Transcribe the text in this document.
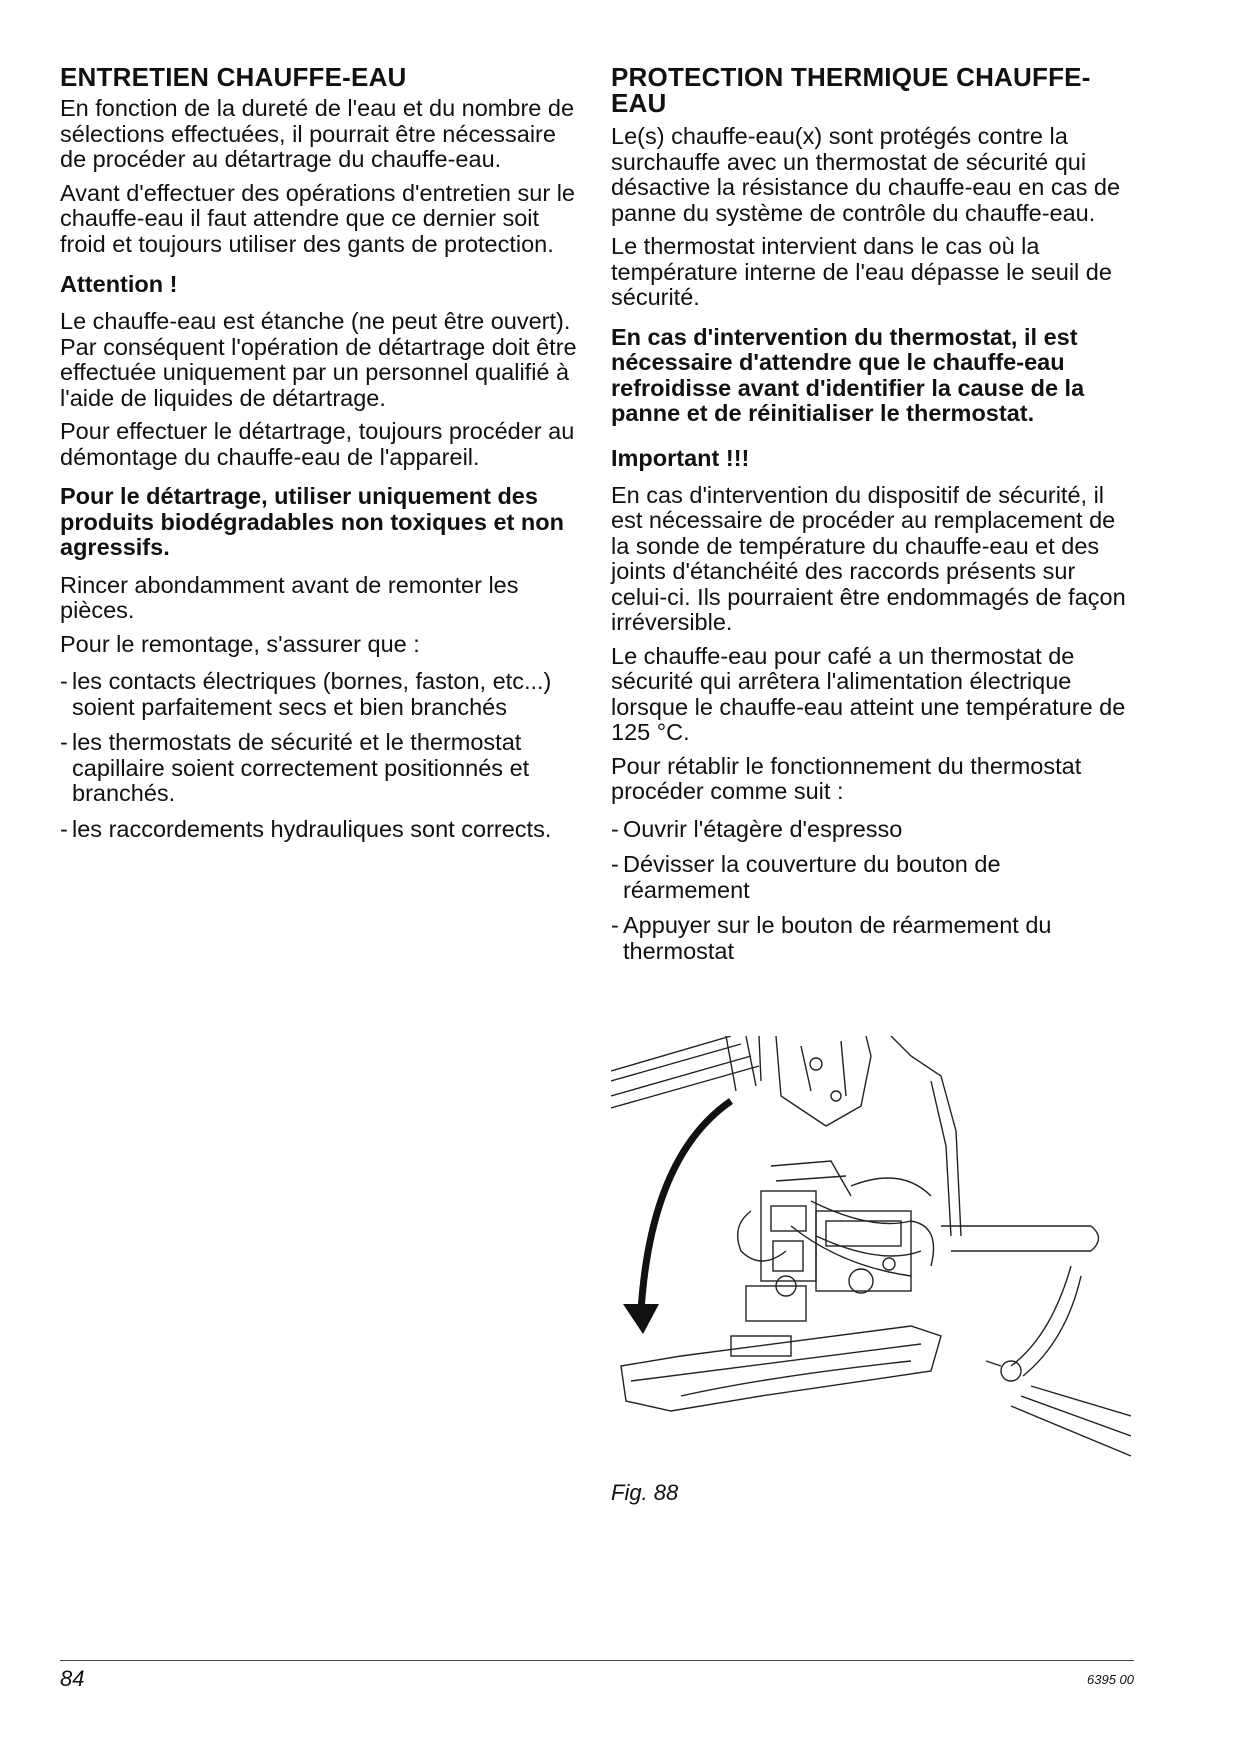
ENTRETIEN CHAUFFE-EAU

En fonction de la dureté de l'eau et du nombre de sélections effectuées, il pourrait être nécessaire de procéder au détartrage du chauffe-eau.

Avant d'effectuer des opérations d'entretien sur le chauffe-eau il faut attendre que ce dernier soit froid et toujours utiliser des gants de protection.

Attention !

Le chauffe-eau est étanche (ne peut être ouvert). Par conséquent l'opération de détartrage doit être effectuée uniquement par un personnel qualifié à l'aide de liquides de détartrage.

Pour effectuer le détartrage, toujours procéder au démontage du chauffe-eau de l'appareil.

Pour le détartrage, utiliser uniquement des produits biodégradables non toxiques et non agressifs.

Rincer abondamment avant de remonter les pièces.

Pour le remontage, s'assurer que :

- les contacts électriques (bornes, faston, etc...) soient parfaitement secs et bien branchés
- les thermostats de sécurité et le thermostat capillaire soient correctement positionnés et branchés.
- les raccordements hydrauliques sont corrects.
PROTECTION THERMIQUE CHAUFFE-EAU

Le(s) chauffe-eau(x) sont protégés contre la surchauffe avec un thermostat de sécurité qui désactive la résistance du chauffe-eau en cas de panne du système de contrôle du chauffe-eau.

Le thermostat intervient dans le cas où la température interne de l'eau dépasse le seuil de sécurité.

En cas d'intervention du thermostat, il est nécessaire d'attendre que le chauffe-eau refroidisse avant d'identifier la cause de la panne et de réinitialiser le thermostat.

Important !!!

En cas d'intervention du dispositif de sécurité, il est nécessaire de procéder au remplacement de la sonde de température du chauffe-eau et des joints d'étanchéité des raccords présents sur celui-ci. Ils pourraient être endommagés de façon irréversible.

Le chauffe-eau pour café a un thermostat de sécurité qui arrêtera l'alimentation électrique lorsque le chauffe-eau atteint une température de 125 °C.

Pour rétablir le fonctionnement du thermostat procéder comme suit :

- Ouvrir l'étagère d'espresso
- Dévisser la couverture du bouton de réarmement
- Appuyer sur le bouton de réarmement du thermostat
Fig. 88
84	6395 00
